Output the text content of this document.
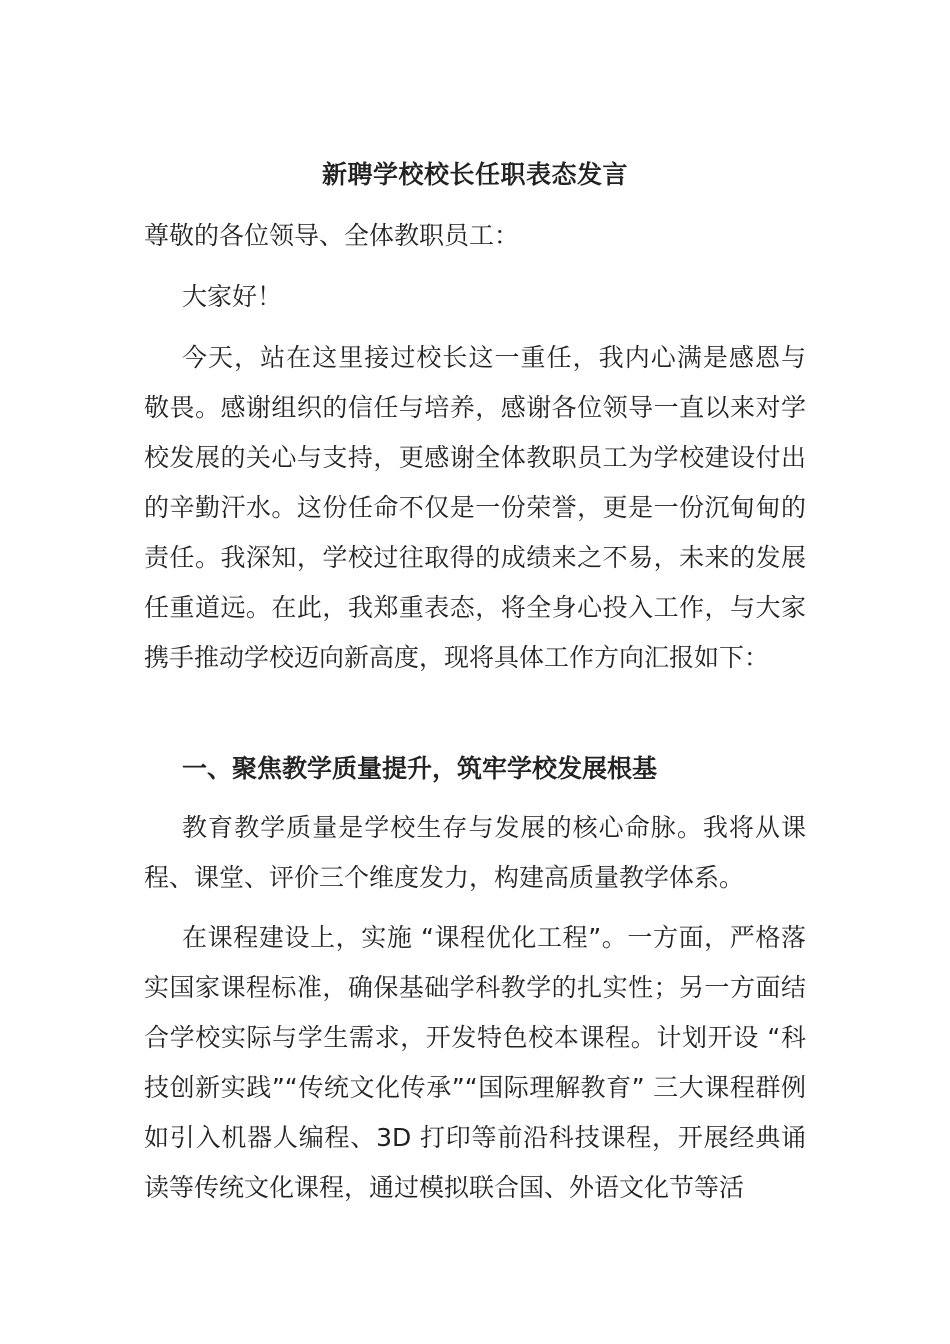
新聘学校校长任职表态发言

尊敬的各位领导、全体教职员工：

大家好！

今天，站在这里接过校长这一重任，我内心满是感恩与敬畏。感谢组织的信任与培养，感谢各位领导一直以来对学校发展的关心与支持，更感谢全体教职员工为学校建设付出的辛勤汗水。这份任命不仅是一份荣誉，更是一份沉甸甸的责任。我深知，学校过往取得的成绩来之不易，未来的发展任重道远。在此，我郑重表态，将全身心投入工作，与大家携手推动学校迈向新高度，现将具体工作方向汇报如下：

一、聚焦教学质量提升，筑牢学校发展根基

教育教学质量是学校生存与发展的核心命脉。我将从课程、课堂、评价三个维度发力，构建高质量教学体系。

在课程建设上，实施 “课程优化工程”。一方面，严格落实国家课程标准，确保基础学科教学的扎实性；另一方面结合学校实际与学生需求，开发特色校本课程。计划开设 “科技创新实践”“传统文化传承”“国际理解教育” 三大课程群例如引入机器人编程、3D 打印等前沿科技课程，开展经典诵读等传统文化课程，通过模拟联合国、外语文化节等活
